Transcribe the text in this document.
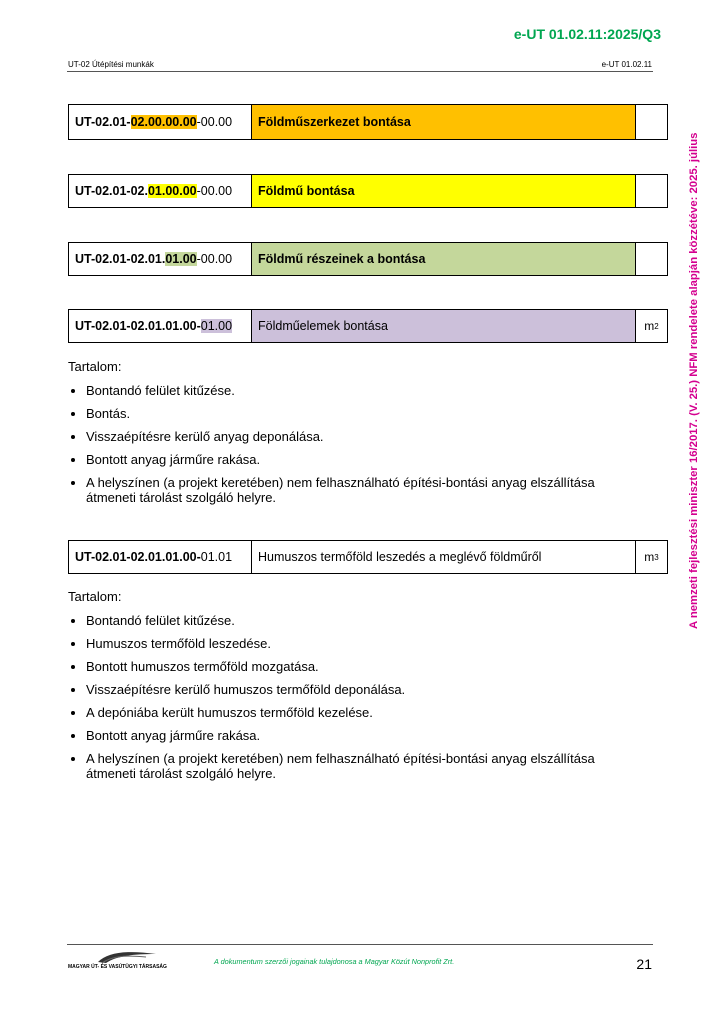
e-UT 01.02.11:2025/Q3
UT-02 Útépítési munkák	e-UT 01.02.11
A nemzeti fejlesztési miniszter 16/2017. (V. 25.) NFM rendelete alapján közzétéve: 2025. július
UT-02.01- 02.00.00.00 -00.00	Földműszerkezet bontása
UT-02.01-02. 01.00.00 -00.00	Földmű bontása
UT-02.01-02.01. 01.00 -00.00	Földmű részeinek a bontása
UT-02.01-02.01.01.00- 01.00	Földműelemek bontása	m 2
Tartalom:
Bontandó felület kitűzése.
Bontás.
Visszaépítésre kerülő anyag deponálása.
Bontott anyag járműre rakása.
A helyszínen (a projekt keretében) nem felhasználható építési-bontási anyag elszállítása átmeneti tárolást szolgáló helyre.
UT-02.01-02.01.01.00- 01.01	Humuszos termőföld leszedés a meglévő földműről	m 3
Tartalom:
Bontandó felület kitűzése.
Humuszos termőföld leszedése.
Bontott humuszos termőföld mozgatása.
Visszaépítésre kerülő humuszos termőföld deponálása.
A depóniába került humuszos termőföld kezelése.
Bontott anyag járműre rakása.
A helyszínen (a projekt keretében) nem felhasználható építési-bontási anyag elszállítása átmeneti tárolást szolgáló helyre.
MAGYAR ÚT- ÉS VASÚTÜGYI TÁRSASÁG
A dokumentum szerzői jogainak tulajdonosa a Magyar Közút Nonprofit Zrt.	21
